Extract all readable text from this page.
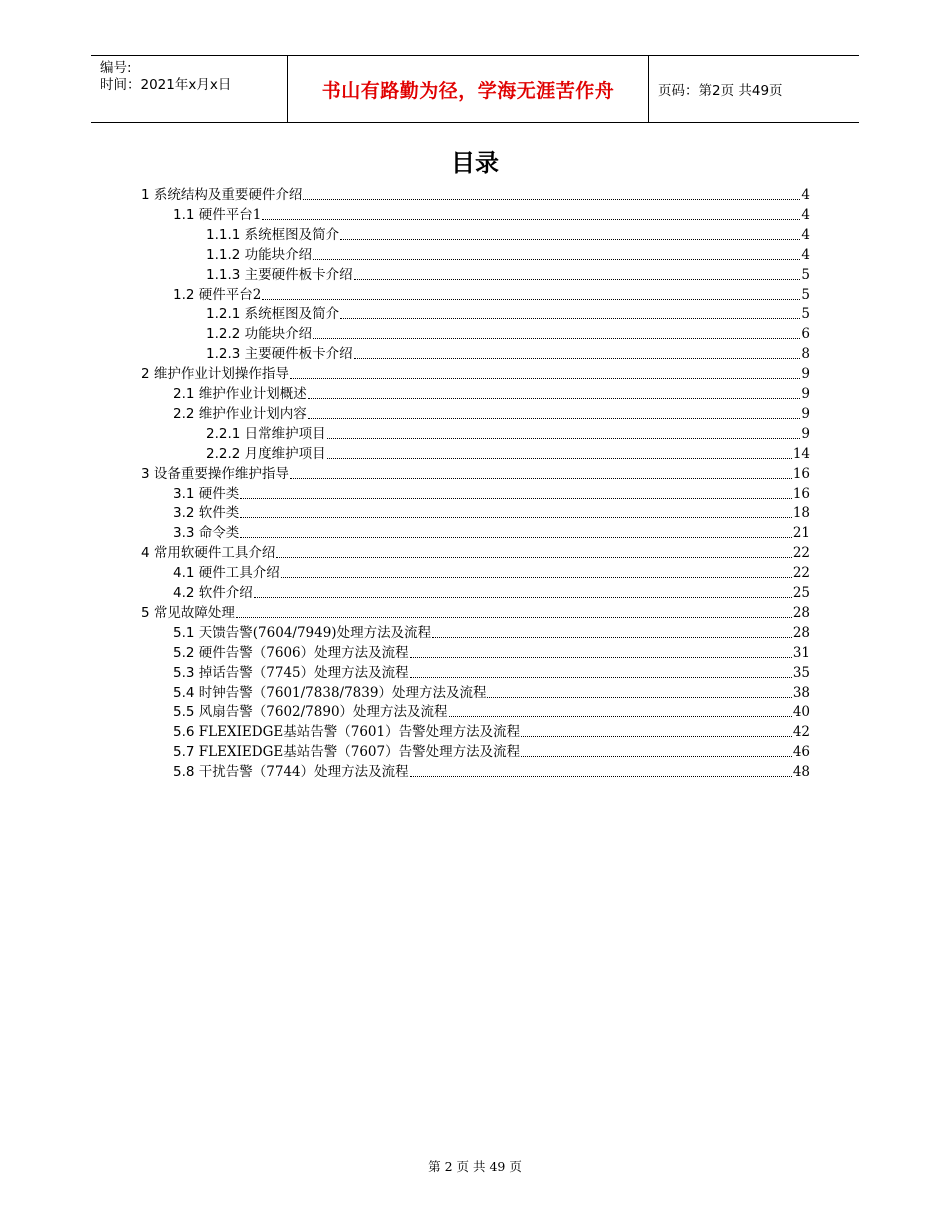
编号:
时间：2021年x月x日	书山有路勤为径，学海无涯苦作舟	页码：第2页 共49页
目录
1 系统结构及重要硬件介绍	4
1.1 硬件平台1	4
1.1.1 系统框图及简介	4
1.1.2 功能块介绍	4
1.1.3 主要硬件板卡介绍	5
1.2 硬件平台2	5
1.2.1 系统框图及简介	5
1.2.2 功能块介绍	6
1.2.3 主要硬件板卡介绍	8
2 维护作业计划操作指导	9
2.1 维护作业计划概述	9
2.2 维护作业计划内容	9
2.2.1 日常维护项目	9
2.2.2 月度维护项目	14
3 设备重要操作维护指导	16
3.1 硬件类	16
3.2 软件类	18
3.3 命令类	21
4 常用软硬件工具介绍	22
4.1 硬件工具介绍	22
4.2 软件介绍	25
5 常见故障处理	28
5.1 天馈告警(7604/7949)处理方法及流程	28
5.2 硬件告警（7606）处理方法及流程	31
5.3 掉话告警（7745）处理方法及流程	35
5.4 时钟告警（7601/7838/7839）处理方法及流程	38
5.5 风扇告警（7602/7890）处理方法及流程	40
5.6 FLEXIEDGE基站告警（7601）告警处理方法及流程	42
5.7 FLEXIEDGE基站告警（7607）告警处理方法及流程	46
5.8 干扰告警（7744）处理方法及流程	48
第 2 页 共 49 页
